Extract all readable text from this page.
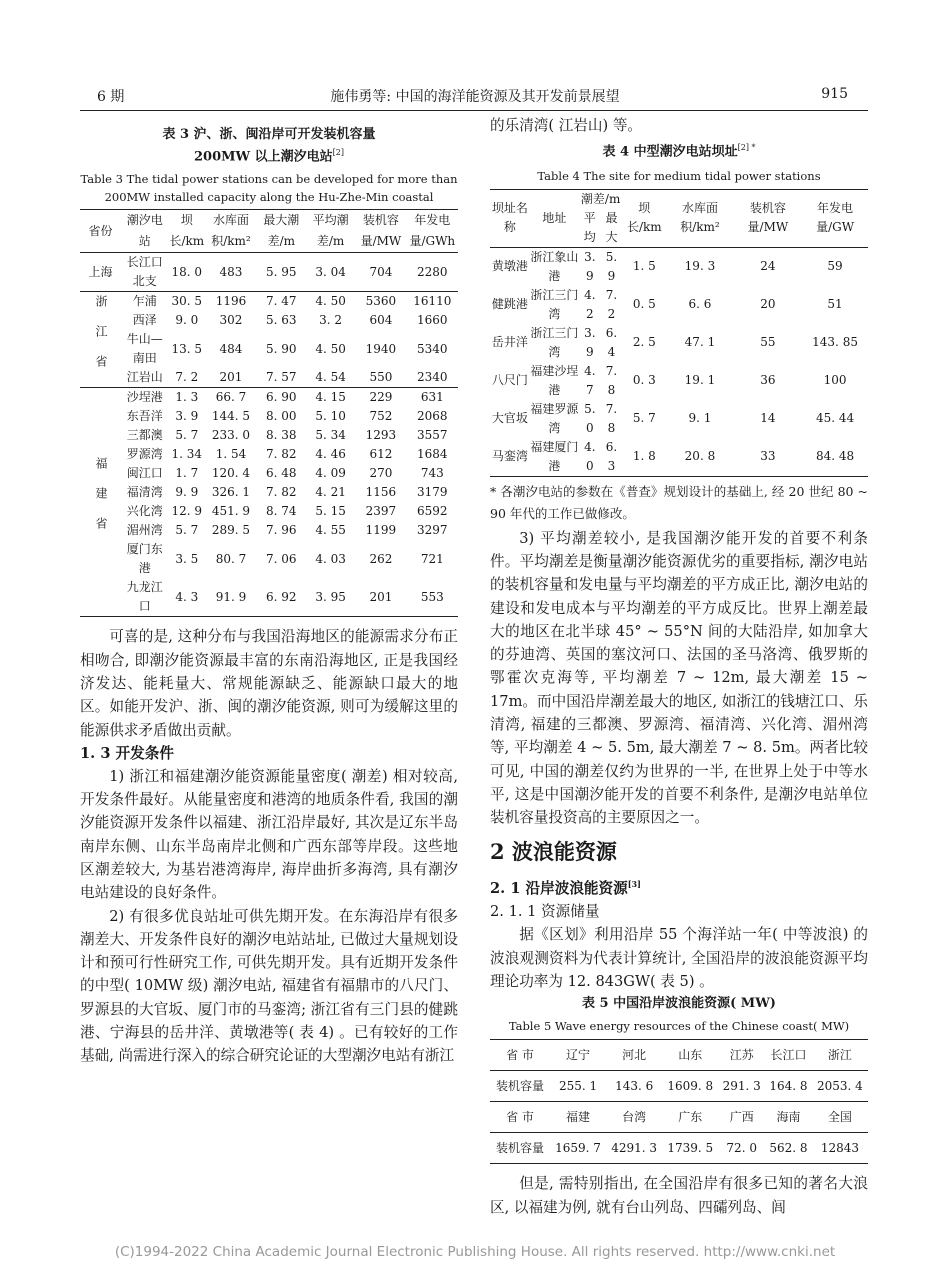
6 期	施伟勇等: 中国的海洋能资源及其开发前景展望	915
表 3 沪、浙、闽沿岸可开发装机容量
200MW 以上潮汐电站[2]
Table 3 The tidal power stations can be developed for more than
200MW installed capacity along the Hu-Zhe-Min coastal
省份	潮汐电站	坝长/km	水库面积/km²	最大潮差/m	平均潮差/m	装机容量/MW	年发电量/GWh
上海	长江口北支	18. 0	483	5. 95	3. 04	704	2280
浙江省	乍浦	30. 5	1196	7. 47	4. 50	5360	16110
	西泽	9. 0	302	5. 63	3. 2	604	1660
	牛山—南田	13. 5	484	5. 90	4. 50	1940	5340
	江岩山	7. 2	201	7. 57	4. 54	550	2340
福建省	沙埕港	1. 3	66. 7	6. 90	4. 15	229	631
	东吾洋	3. 9	144. 5	8. 00	5. 10	752	2068
	三都澳	5. 7	233. 0	8. 38	5. 34	1293	3557
	罗源湾	1. 34	1. 54	7. 82	4. 46	612	1684
	闽江口	1. 7	120. 4	6. 48	4. 09	270	743
	福清湾	9. 9	326. 1	7. 82	4. 21	1156	3179
	兴化湾	12. 9	451. 9	8. 74	5. 15	2397	6592
	湄州湾	5. 7	289. 5	7. 96	4. 55	1199	3297
	厦门东港	3. 5	80. 7	7. 06	4. 03	262	721
	九龙江口	4. 3	91. 9	6. 92	3. 95	201	553

可喜的是, 这种分布与我国沿海地区的能源需求分布正相吻合, 即潮汐能资源最丰富的东南沿海地区, 正是我国经济发达、能耗量大、常规能源缺乏、能源缺口最大的地区。如能开发沪、浙、闽的潮汐能资源, 则可为缓解这里的能源供求矛盾做出贡献。

1. 3 开发条件

1) 浙江和福建潮汐能资源能量密度( 潮差) 相对较高, 开发条件最好。从能量密度和港湾的地质条件看, 我国的潮汐能资源开发条件以福建、浙江沿岸最好, 其次是辽东半岛南岸东侧、山东半岛南岸北侧和广西东部等岸段。这些地区潮差较大, 为基岩港湾海岸, 海岸曲折多海湾, 具有潮汐电站建设的良好条件。

2) 有很多优良站址可供先期开发。在东海沿岸有很多潮差大、开发条件良好的潮汐电站站址, 已做过大量规划设计和预可行性研究工作, 可供先期开发。具有近期开发条件的中型( 10MW 级) 潮汐电站, 福建省有福鼎市的八尺门、罗源县的大官坂、厦门市的马銮湾; 浙江省有三门县的健跳港、宁海县的岳井洋、黄墩港等( 表 4) 。已有较好的工作基础, 尚需进行深入的综合研究论证的大型潮汐电站有浙江

的乐清湾( 江岩山) 等。

表 4 中型潮汐电站坝址$^{[2] *}$
Table 4 The site for medium tidal power stations
坝址名称	地址	潮差/m		坝长/km	水库面积/km²	装机容量/MW	年发电量/GW
		平均	最大				
黄墩港	浙江象山港	3. 9	5. 9	1. 5	19. 3	24	59
健跳港	浙江三门湾	4. 2	7. 2	0. 5	6. 6	20	51
岳井洋	浙江三门湾	3. 9	6. 4	2. 5	47. 1	55	143. 85
八尺门	福建沙埕港	4. 7	7. 8	0. 3	19. 1	36	100
大官坂	福建罗源湾	5. 0	7. 8	5. 7	9. 1	14	45. 44
马銮湾	福建厦门港	4. 0	6. 3	1. 8	20. 8	33	84. 48
* 各潮汐电站的参数在《普查》规划设计的基础上, 经 20 世纪 80 ~ 90 年代的工作已做修改。

3) 平均潮差较小, 是我国潮汐能开发的首要不利条件。平均潮差是衡量潮汐能资源优劣的重要指标, 潮汐电站的装机容量和发电量与平均潮差的平方成正比, 潮汐电站的建设和发电成本与平均潮差的平方成反比。世界上潮差最大的地区在北半球 45° ~ 55°N 间的大陆沿岸, 如加拿大的芬迪湾、英国的塞汶河口、法国的圣马洛湾、俄罗斯的鄂霍次克海等, 平均潮差 7 ~ 12m, 最大潮差 15 ~ 17m。而中国沿岸潮差最大的地区, 如浙江的钱塘江口、乐清湾, 福建的三都澳、罗源湾、福清湾、兴化湾、湄州湾等, 平均潮差 4 ~ 5. 5m, 最大潮差 7 ~ 8. 5m。两者比较可见, 中国的潮差仅约为世界的一半, 在世界上处于中等水平, 这是中国潮汐能开发的首要不利条件, 是潮汐电站单位装机容量投资高的主要原因之一。

2 波浪能资源
2. 1 沿岸波浪能资源[3]
2. 1. 1 资源储量

据《区划》利用沿岸 55 个海洋站一年( 中等波浪) 的波浪观测资料为代表计算统计, 全国沿岸的波浪能资源平均理论功率为 12. 843GW( 表 5) 。

表 5 中国沿岸波浪能资源( MW)
Table 5 Wave energy resources of the Chinese coast( MW)
省 市	辽宁	河北	山东	江苏	长江口	浙江
装机容量	255. 1	143. 6	1609. 8	291. 3	164. 8	2053. 4
省 市	福建	台湾	广东	广西	海南	全国
装机容量	1659. 7	4291. 3	1739. 5	72. 0	562. 8	12843

但是, 需特别指出, 在全国沿岸有很多已知的著名大浪区, 以福建为例, 就有台山列岛、四礵列岛、闾

(C)1994-2022 China Academic Journal Electronic Publishing House. All rights reserved. http://www.cnki.net
